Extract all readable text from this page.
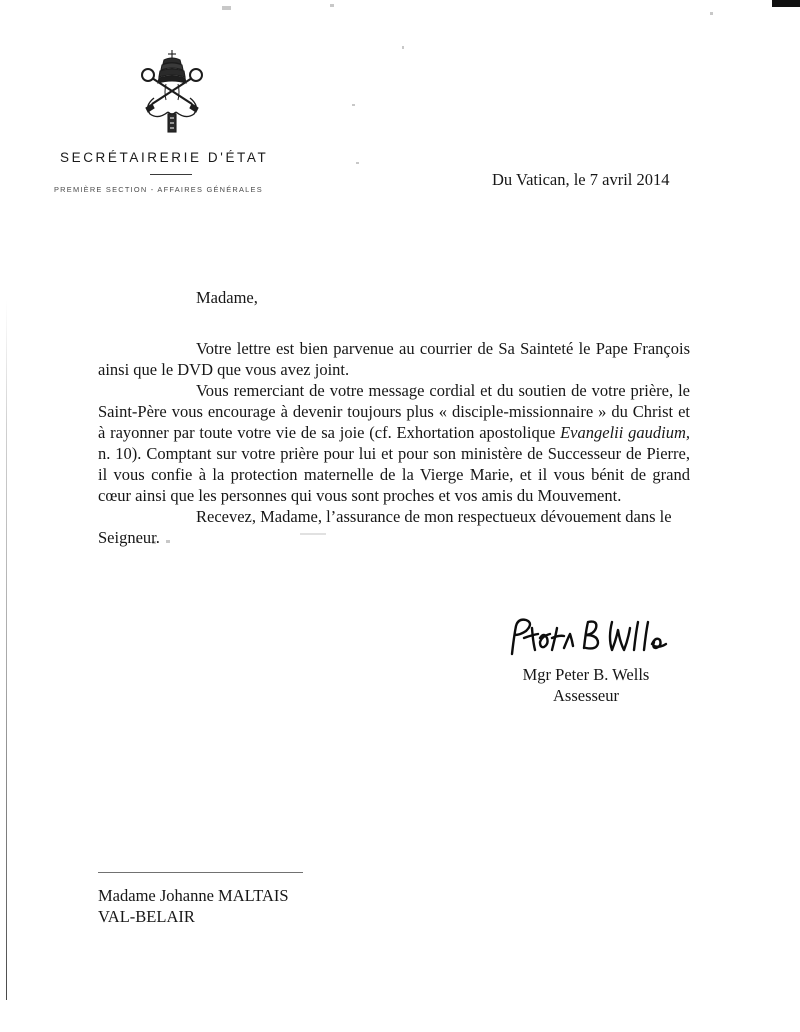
SECRÉTAIRERIE D'ÉTAT
PREMIÈRE SECTION - AFFAIRES GÉNÉRALES
Du Vatican, le 7 avril 2014
Madame,

Votre lettre est bien parvenue au courrier de Sa Sainteté le Pape François ainsi que le DVD que vous avez joint.

Vous remerciant de votre message cordial et du soutien de votre prière, le Saint-Père vous encourage à devenir toujours plus « disciple-missionnaire » du Christ et à rayonner par toute votre vie de sa joie (cf. Exhortation apostolique Evangelii gaudium, n. 10). Comptant sur votre prière pour lui et pour son ministère de Successeur de Pierre, il vous confie à la protection maternelle de la Vierge Marie, et il vous bénit de grand cœur ainsi que les personnes qui vous sont proches et vos amis du Mouvement.

Recevez, Madame, l’assurance de mon respectueux dévouement dans le Seigneur.

Mgr Peter B. Wells
Assesseur
Madame Johanne MALTAIS
VAL-BELAIR
